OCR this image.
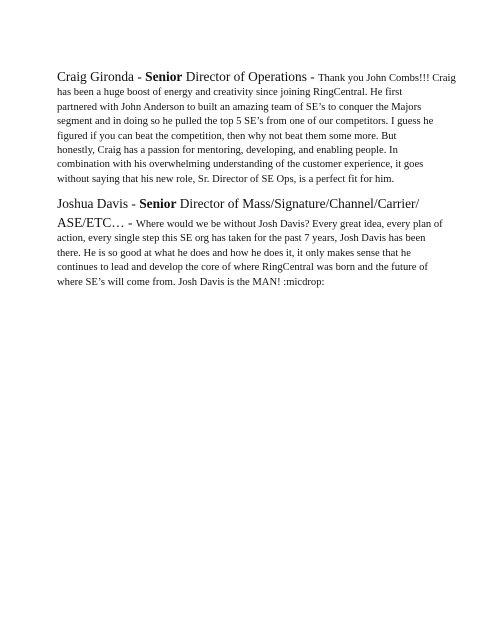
Craig Gironda - Senior Director of Operations - Thank you John Combs!!! Craig
has been a huge boost of energy and creativity since joining RingCentral. He first
partnered with John Anderson to built an amazing team of SE’s to conquer the Majors
segment and in doing so he pulled the top 5 SE’s from one of our competitors. I guess he
figured if you can beat the competition, then why not beat them some more. But
honestly, Craig has a passion for mentoring, developing, and enabling people. In
combination with his overwhelming understanding of the customer experience, it goes
without saying that his new role, Sr. Director of SE Ops, is a perfect fit for him.
Joshua Davis - Senior Director of Mass/Signature/Channel/Carrier/
ASE/ETC… - Where would we be without Josh Davis? Every great idea, every plan of
action, every single step this SE org has taken for the past 7 years, Josh Davis has been
there. He is so good at what he does and how he does it, it only makes sense that he
continues to lead and develop the core of where RingCentral was born and the future of
where SE’s will come from. Josh Davis is the MAN! :micdrop:
